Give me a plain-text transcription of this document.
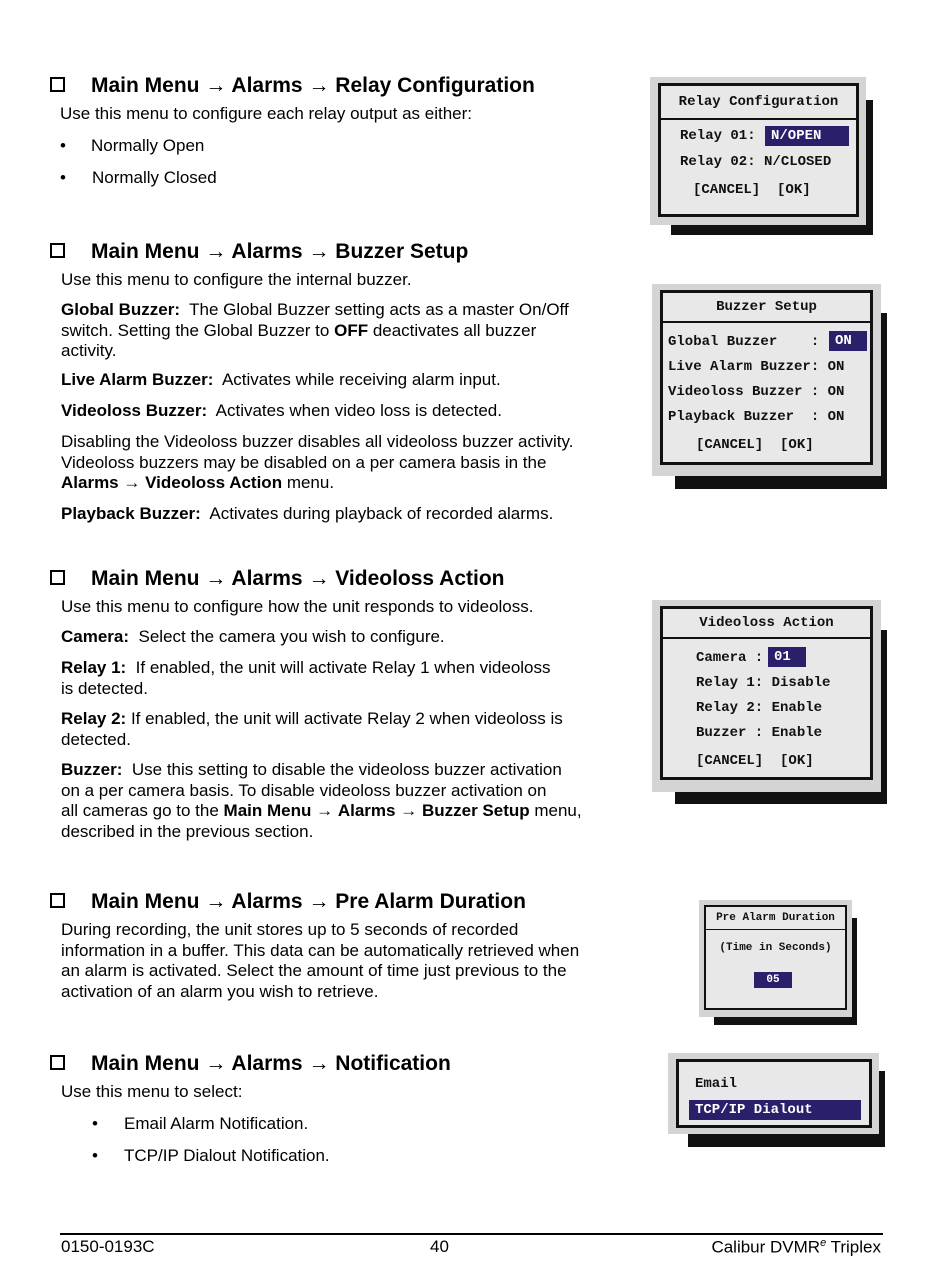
Main Menu → Alarms → Relay Configuration
Use this menu to configure each relay output as either:
• Normally Open
• Normally Closed
Relay Configuration
Relay 01:	N/OPEN
Relay 02: N/CLOSED
[CANCEL]  [OK]
Main Menu → Alarms → Buzzer Setup
Use this menu to configure the internal buzzer.
Global Buzzer: The Global Buzzer setting acts as a master On/Off
switch. Setting the Global Buzzer to OFF deactivates all buzzer
activity.
Live Alarm Buzzer: Activates while receiving alarm input.
Videoloss Buzzer: Activates when video loss is detected.
Disabling the Videoloss buzzer disables all videoloss buzzer activity.
Videoloss buzzers may be disabled on a per camera basis in the
Alarms → Videoloss Action menu.
Playback Buzzer: Activates during playback of recorded alarms.
Buzzer Setup
Global Buzzer    :	ON
Live Alarm Buzzer: ON
Videoloss Buzzer : ON
Playback Buzzer  : ON
[CANCEL]  [OK]
Main Menu → Alarms → Videoloss Action
Use this menu to configure how the unit responds to videoloss.
Camera: Select the camera you wish to configure.
Relay 1: If enabled, the unit will activate Relay 1 when videoloss
is detected.
Relay 2: If enabled, the unit will activate Relay 2 when videoloss is
detected.
Buzzer: Use this setting to disable the videoloss buzzer activation
on a per camera basis. To disable videoloss buzzer activation on
all cameras go to the Main Menu → Alarms → Buzzer Setup menu,
described in the previous section.
Videoloss Action
Camera : 01
Relay 1: Disable
Relay 2: Enable
Buzzer : Enable
[CANCEL]  [OK]
Main Menu → Alarms → Pre Alarm Duration
During recording, the unit stores up to 5 seconds of recorded
information in a buffer. This data can be automatically retrieved when
an alarm is activated. Select the amount of time just previous to the
activation of an alarm you wish to retrieve.
Pre Alarm Duration
(Time in Seconds)
05
Main Menu → Alarms → Notification
Use this menu to select:
• Email Alarm Notification.
• TCP/IP Dialout Notification.
Email
TCP/IP Dialout
0150-0193C	40	Calibur DVMR$^e$ Triplex
